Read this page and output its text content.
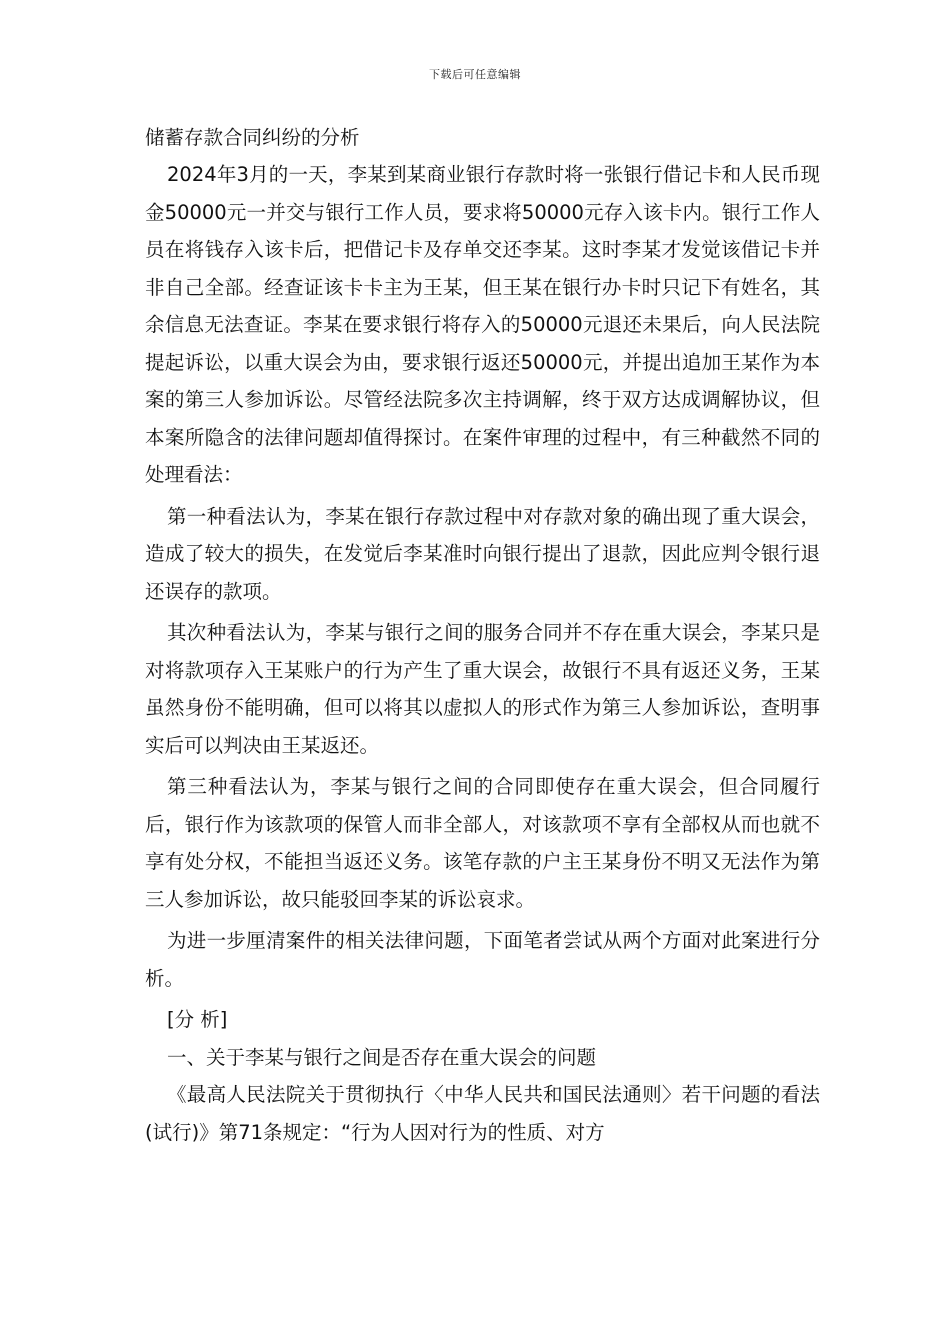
下载后可任意编辑
储蓄存款合同纠纷的分析

2024年3月的一天，李某到某商业银行存款时将一张银行借记卡和人民币现金50000元一并交与银行工作人员，要求将50000元存入该卡内。银行工作人员在将钱存入该卡后，把借记卡及存单交还李某。这时李某才发觉该借记卡并非自己全部。经查证该卡卡主为王某，但王某在银行办卡时只记下有姓名，其余信息无法查证。李某在要求银行将存入的50000元退还未果后，向人民法院提起诉讼，以重大误会为由，要求银行返还50000元，并提出追加王某作为本案的第三人参加诉讼。尽管经法院多次主持调解，终于双方达成调解协议，但本案所隐含的法律问题却值得探讨。在案件审理的过程中，有三种截然不同的处理看法：

第一种看法认为，李某在银行存款过程中对存款对象的确出现了重大误会，造成了较大的损失，在发觉后李某准时向银行提出了退款，因此应判令银行退还误存的款项。

其次种看法认为，李某与银行之间的服务合同并不存在重大误会，李某只是对将款项存入王某账户的行为产生了重大误会，故银行不具有返还义务，王某虽然身份不能明确，但可以将其以虚拟人的形式作为第三人参加诉讼，查明事实后可以判决由王某返还。

第三种看法认为，李某与银行之间的合同即使存在重大误会，但合同履行后，银行作为该款项的保管人而非全部人，对该款项不享有全部权从而也就不享有处分权，不能担当返还义务。该笔存款的户主王某身份不明又无法作为第三人参加诉讼，故只能驳回李某的诉讼哀求。

为进一步厘清案件的相关法律问题，下面笔者尝试从两个方面对此案进行分析。

[分 析]

一、关于李某与银行之间是否存在重大误会的问题

《最高人民法院关于贯彻执行〈中华人民共和国民法通则〉若干问题的看法(试行)》第71条规定：“行为人因对行为的性质、对方
